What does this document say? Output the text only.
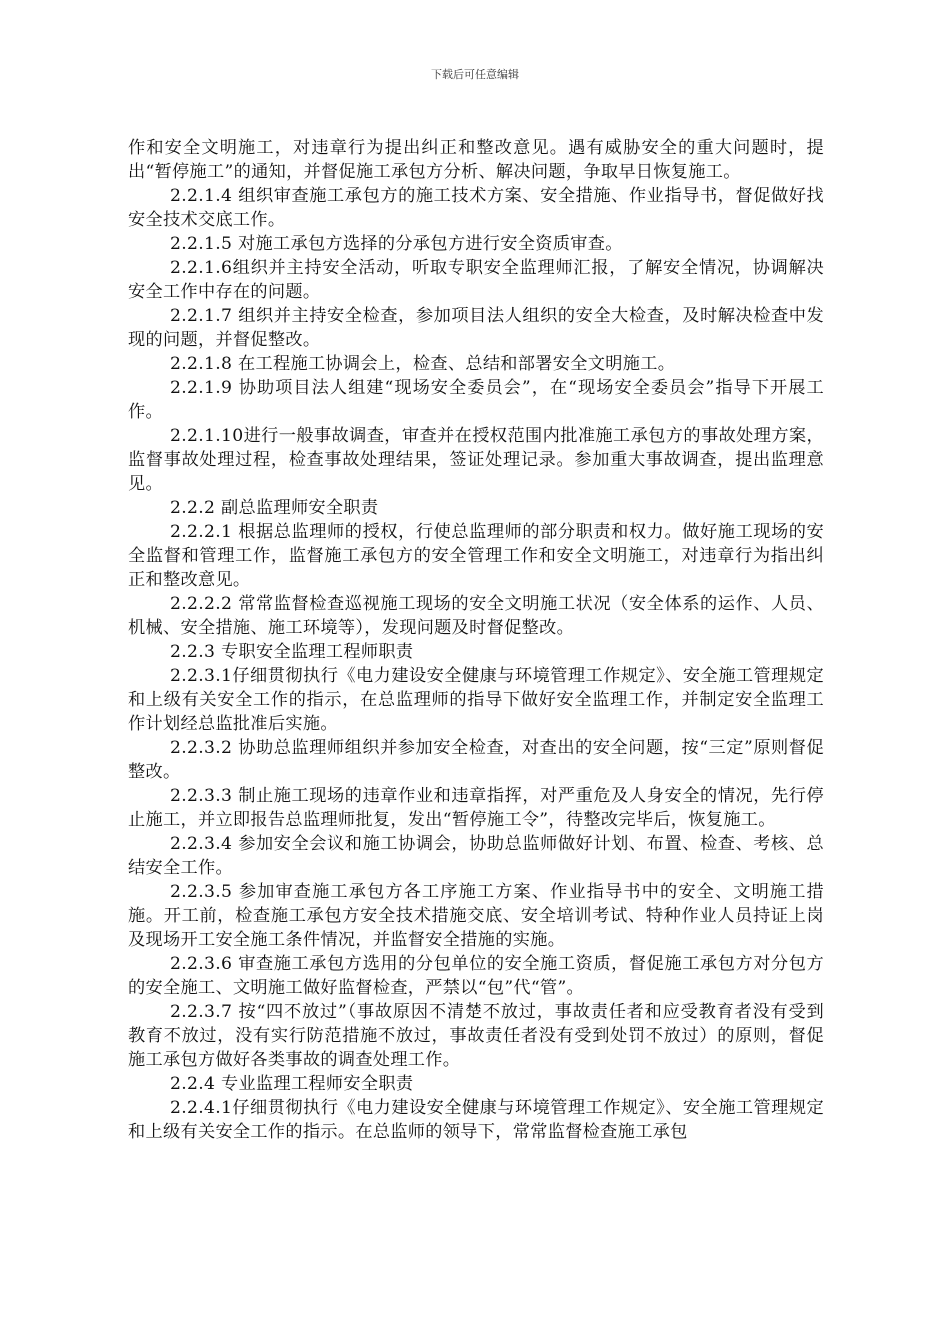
下载后可任意编辑

作和安全文明施工，对违章行为提出纠正和整改意见。遇有威胁安全的重大问题时，提出“暂停施工”的通知，并督促施工承包方分析、解决问题，争取早日恢复施工。

2.2.1.4 组织审查施工承包方的施工技术方案、安全措施、作业指导书，督促做好找安全技术交底工作。

2.2.1.5 对施工承包方选择的分承包方进行安全资质审查。

2.2.1.6组织并主持安全活动，听取专职安全监理师汇报，了解安全情况，协调解决安全工作中存在的问题。

2.2.1.7 组织并主持安全检查，参加项目法人组织的安全大检查，及时解决检查中发现的问题，并督促整改。

2.2.1.8 在工程施工协调会上，检查、总结和部署安全文明施工。

2.2.1.9 协助项目法人组建“现场安全委员会”，在“现场安全委员会”指导下开展工作。

2.2.1.10进行一般事故调查，审查并在授权范围内批准施工承包方的事故处理方案，监督事故处理过程，检查事故处理结果，签证处理记录。参加重大事故调查，提出监理意见。

2.2.2 副总监理师安全职责

2.2.2.1 根据总监理师的授权，行使总监理师的部分职责和权力。做好施工现场的安全监督和管理工作，监督施工承包方的安全管理工作和安全文明施工，对违章行为指出纠正和整改意见。

2.2.2.2 常常监督检查巡视施工现场的安全文明施工状况（安全体系的运作、人员、机械、安全措施、施工环境等），发现问题及时督促整改。

2.2.3 专职安全监理工程师职责

2.2.3.1仔细贯彻执行《电力建设安全健康与环境管理工作规定》、安全施工管理规定和上级有关安全工作的指示，在总监理师的指导下做好安全监理工作，并制定安全监理工作计划经总监批准后实施。

2.2.3.2 协助总监理师组织并参加安全检查，对查出的安全问题，按“三定”原则督促整改。

2.2.3.3 制止施工现场的违章作业和违章指挥，对严重危及人身安全的情况，先行停止施工，并立即报告总监理师批复，发出“暂停施工令”，待整改完毕后，恢复施工。

2.2.3.4 参加安全会议和施工协调会，协助总监师做好计划、布置、检查、考核、总结安全工作。

2.2.3.5 参加审查施工承包方各工序施工方案、作业指导书中的安全、文明施工措施。开工前，检查施工承包方安全技术措施交底、安全培训考试、特种作业人员持证上岗及现场开工安全施工条件情况，并监督安全措施的实施。

2.2.3.6 审查施工承包方选用的分包单位的安全施工资质，督促施工承包方对分包方的安全施工、文明施工做好监督检查，严禁以“包”代“管”。

2.2.3.7 按“四不放过”（事故原因不清楚不放过，事故责任者和应受教育者没有受到教育不放过，没有实行防范措施不放过，事故责任者没有受到处罚不放过）的原则，督促施工承包方做好各类事故的调查处理工作。

2.2.4 专业监理工程师安全职责

2.2.4.1仔细贯彻执行《电力建设安全健康与环境管理工作规定》、安全施工管理规定和上级有关安全工作的指示。在总监师的领导下，常常监督检查施工承包
